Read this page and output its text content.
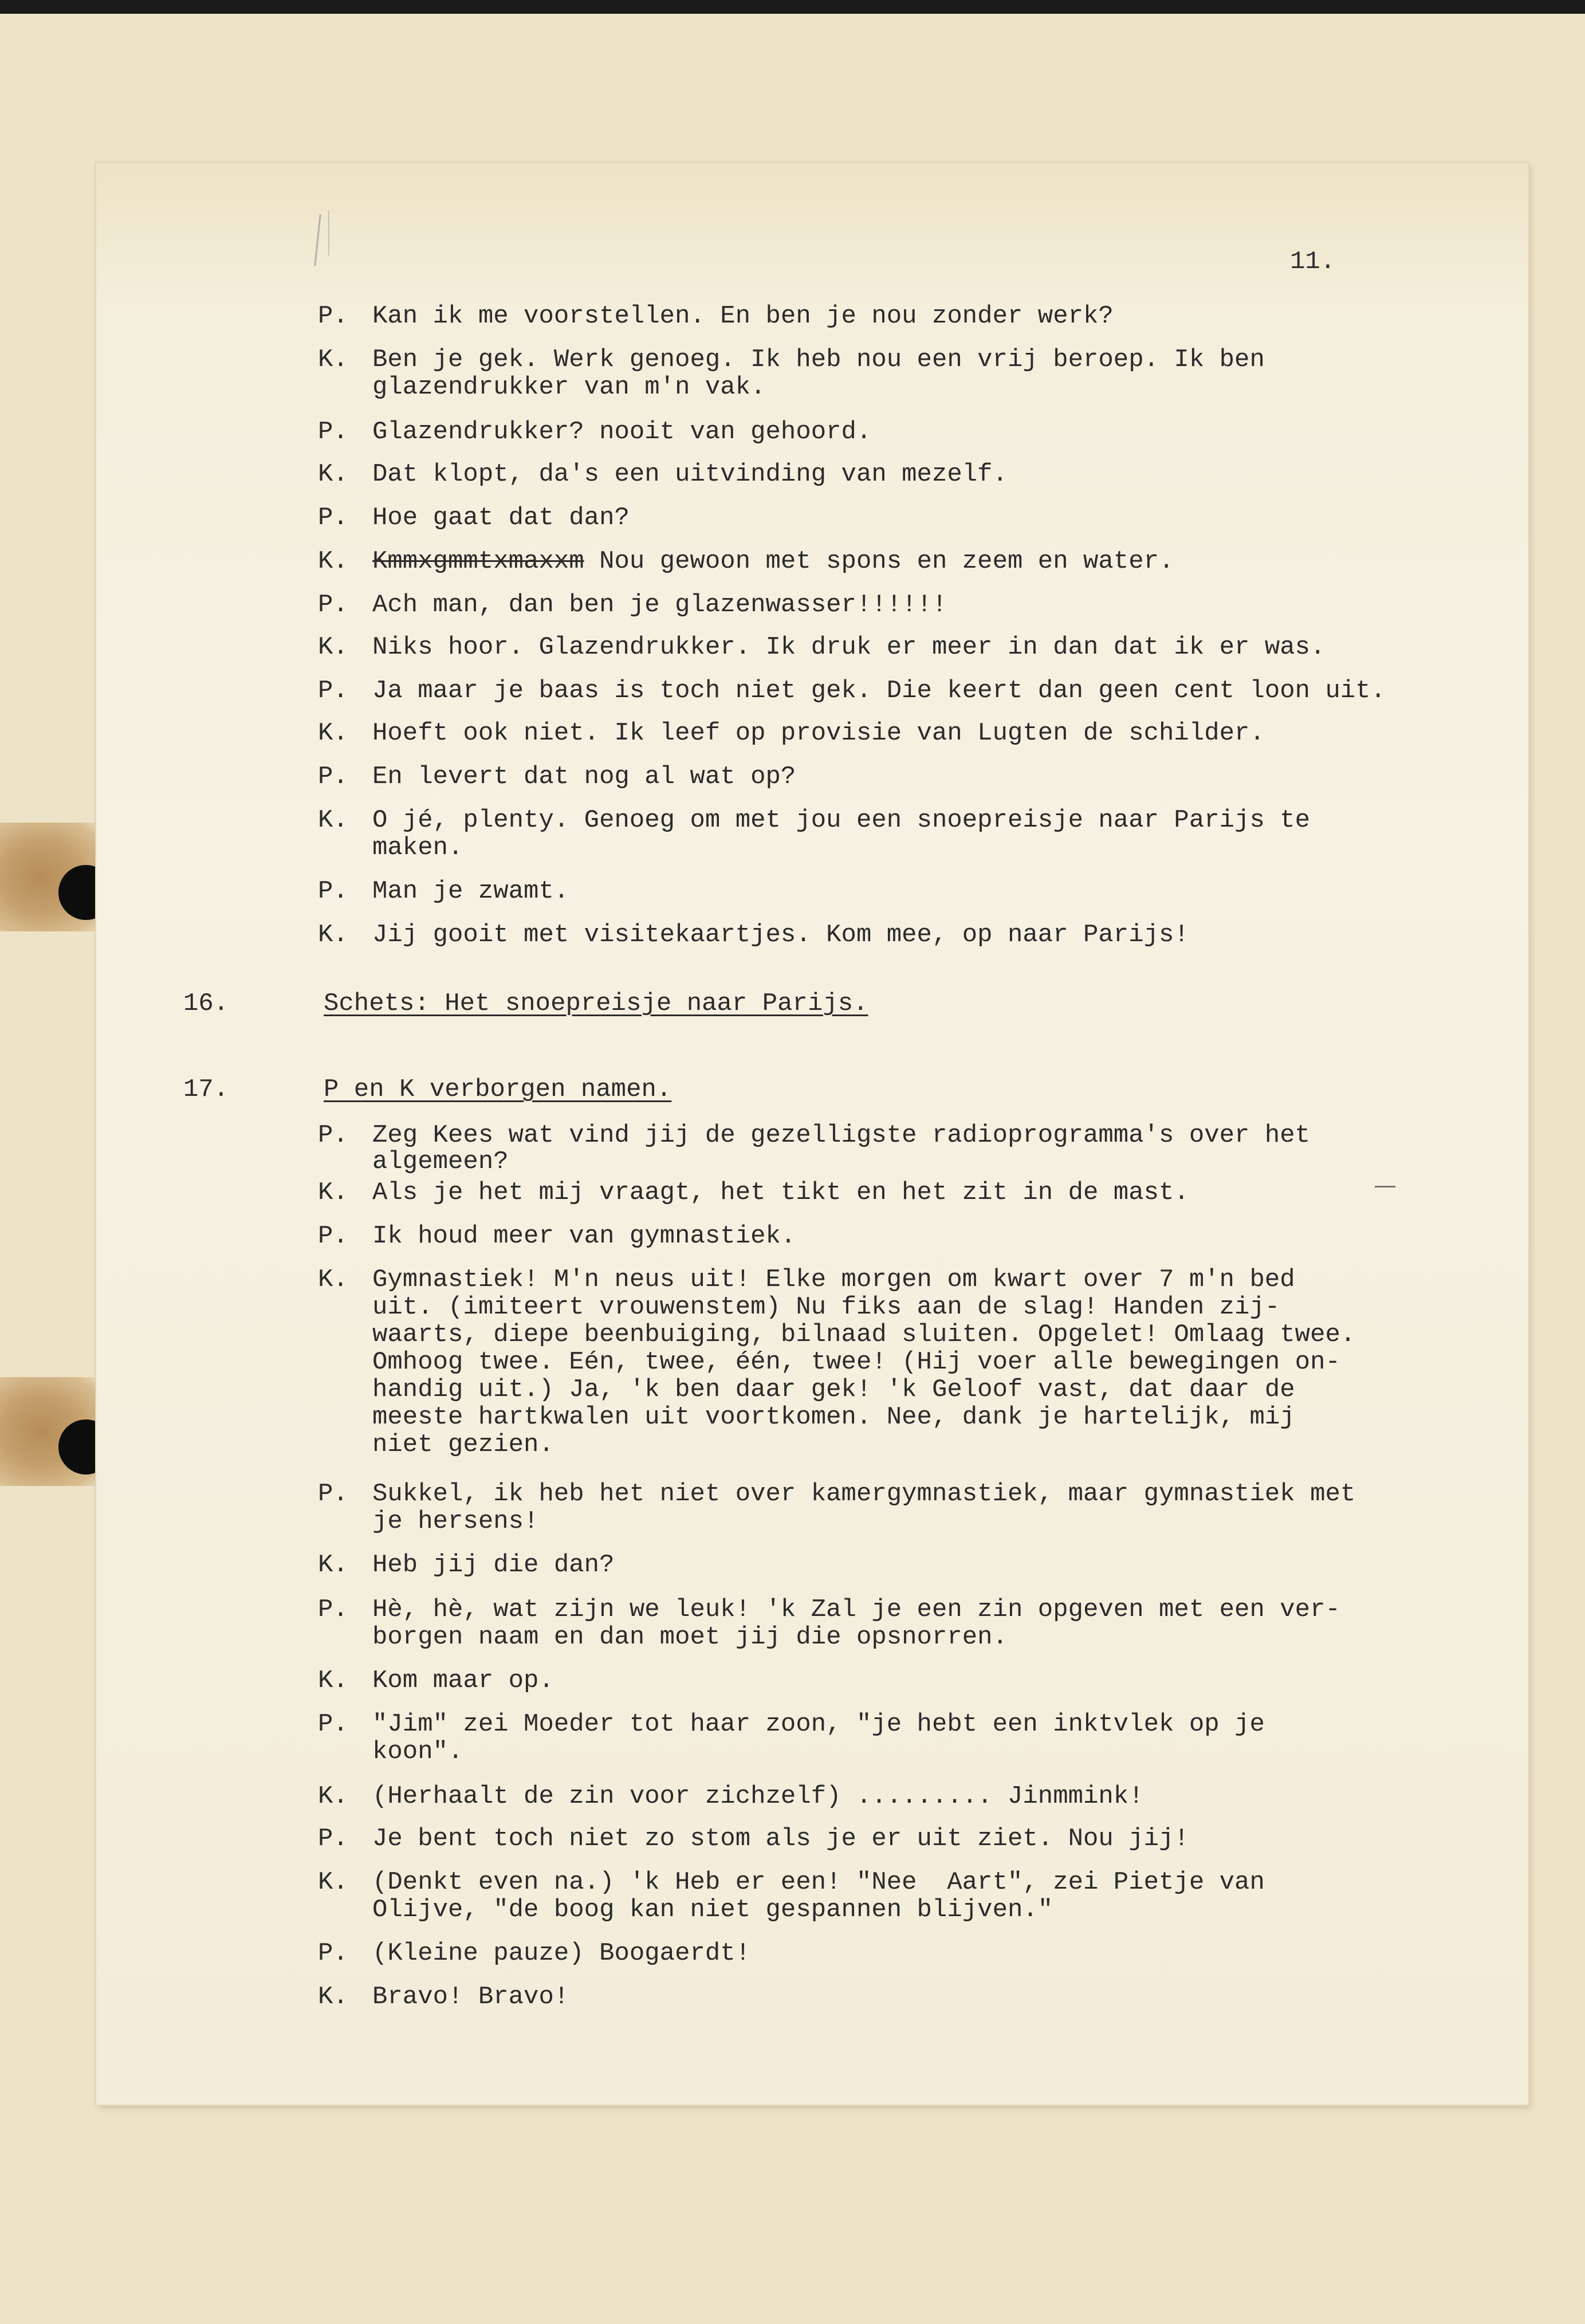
11.

P. Kan ik me voorstellen. En ben je nou zonder werk?

K. Ben je gek. Werk genoeg. Ik heb nou een vrij beroep. Ik ben

glazendrukker van m'n vak.

P. Glazendrukker? nooit van gehoord.

K. Dat klopt, da's een uitvinding van mezelf.

P. Hoe gaat dat dan?

K. Kmmxgmmtxmaxxm Nou gewoon met spons en zeem en water.

P. Ach man, dan ben je glazenwasser!!!!!!

K. Niks hoor. Glazendrukker. Ik druk er meer in dan dat ik er was.

P. Ja maar je baas is toch niet gek. Die keert dan geen cent loon uit.

K. Hoeft ook niet. Ik leef op provisie van Lugten de schilder.

P. En levert dat nog al wat op?

K. O jé, plenty. Genoeg om met jou een snoepreisje naar Parijs te

maken.

P. Man je zwamt.

K. Jij gooit met visitekaartjes. Kom mee, op naar Parijs!

16.	Schets: Het snoepreisje naar Parijs.

17.	P en K verborgen namen.

P. Zeg Kees wat vind jij de gezelligste radioprogramma's over het

algemeen?

K. Als je het mij vraagt, het tikt en het zit in de mast.

P. Ik houd meer van gymnastiek.

K. Gymnastiek! M'n neus uit! Elke morgen om kwart over 7 m'n bed

uit. (imiteert vrouwenstem) Nu fiks aan de slag! Handen zij-

waarts, diepe beenbuiging, bilnaad sluiten. Opgelet! Omlaag twee.

Omhoog twee. Eén, twee, één, twee! (Hij voer alle bewegingen on-

handig uit.) Ja, 'k ben daar gek! 'k Geloof vast, dat daar de

meeste hartkwalen uit voortkomen. Nee, dank je hartelijk, mij

niet gezien.

P. Sukkel, ik heb het niet over kamergymnastiek, maar gymnastiek met

je hersens!

K. Heb jij die dan?

P. Hè, hè, wat zijn we leuk! 'k Zal je een zin opgeven met een ver-

borgen naam en dan moet jij die opsnorren.

K. Kom maar op.

P. "Jim" zei Moeder tot haar zoon, "je hebt een inktvlek op je

koon".

K. (Herhaalt de zin voor zichzelf) ......... Jinmmink!

P. Je bent toch niet zo stom als je er uit ziet. Nou jij!

K. (Denkt even na.) 'k Heb er een! "Nee  Aart", zei Pietje van

Olijve, "de boog kan niet gespannen blijven."

P. (Kleine pauze) Boogaerdt!

K. Bravo! Bravo!
